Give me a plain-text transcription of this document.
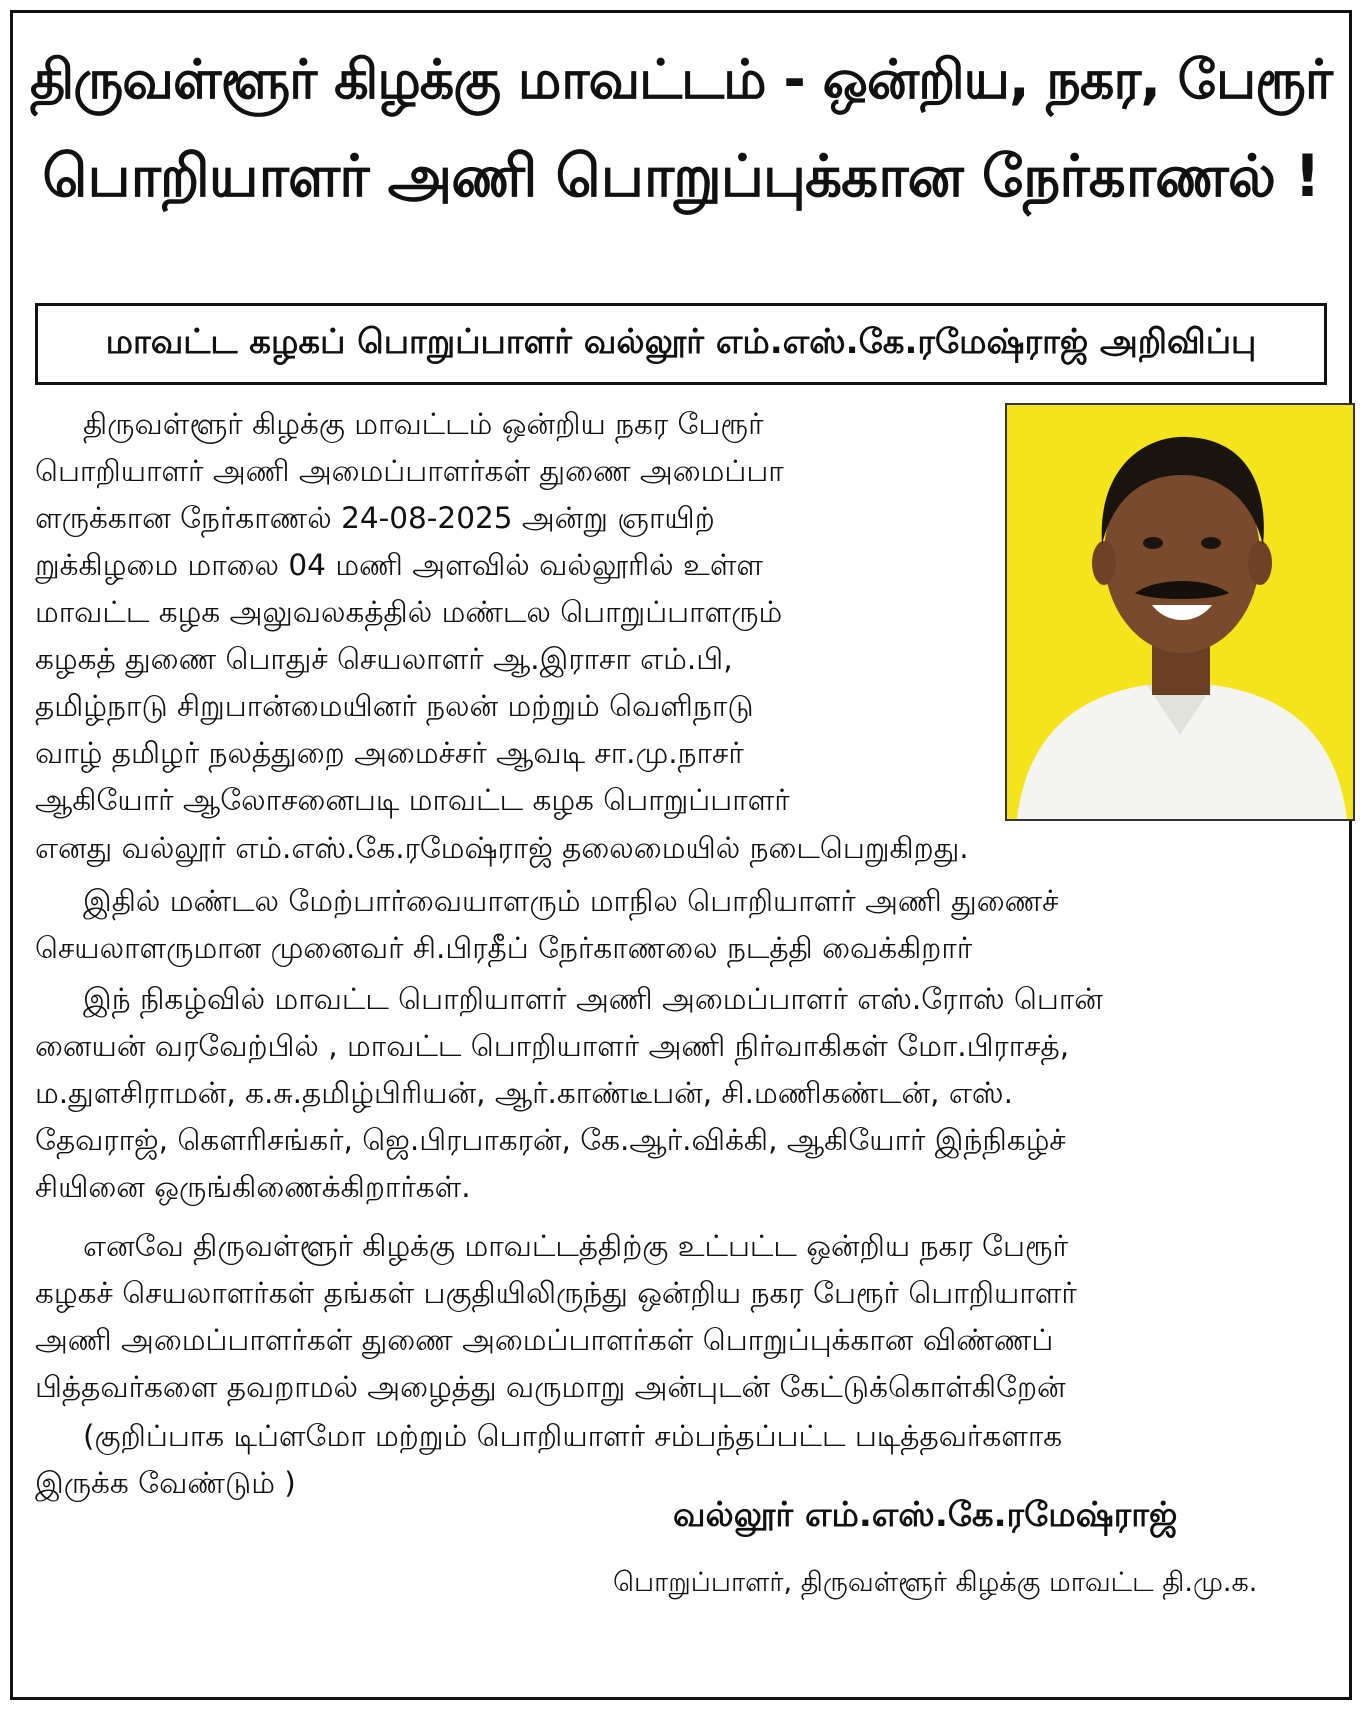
திருவள்ளூர் கிழக்கு மாவட்டம் - ஒன்றிய, நகர, பேரூர்
பொறியாளர் அணி பொறுப்புக்கான நேர்காணல் !
மாவட்ட கழகப் பொறுப்பாளர் வல்லூர் எம்.எஸ்.கே.ரமேஷ்ராஜ் அறிவிப்பு
திருவள்ளூர் கிழக்கு மாவட்டம் ஒன்றிய நகர பேரூர்
பொறியாளர் அணி அமைப்பாளர்கள் துணை அமைப்பா
ளருக்கான நேர்காணல் 24-08-2025 அன்று ஞாயிற்
றுக்கிழமை மாலை 04 மணி அளவில் வல்லூரில் உள்ள
மாவட்ட கழக அலுவலகத்தில் மண்டல பொறுப்பாளரும்
கழகத் துணை பொதுச் செயலாளர் ஆ.இராசா எம்.பி,
தமிழ்நாடு சிறுபான்மையினர் நலன் மற்றும் வெளிநாடு
வாழ் தமிழர் நலத்துறை அமைச்சர் ஆவடி சா.மு.நாசர்
ஆகியோர் ஆலோசனைபடி மாவட்ட கழக பொறுப்பாளர்
எனது வல்லூர் எம்.எஸ்.கே.ரமேஷ்ராஜ் தலைமையில் நடைபெறுகிறது.
இதில் மண்டல மேற்பார்வையாளரும் மாநில பொறியாளர் அணி துணைச்
செயலாளருமான முனைவர் சி.பிரதீப் நேர்காணலை நடத்தி வைக்கிறார்
இந் நிகழ்வில் மாவட்ட பொறியாளர் அணி அமைப்பாளர் எஸ்.ரோஸ் பொன்
னையன் வரவேற்பில் , மாவட்ட பொறியாளர் அணி நிர்வாகிகள் மோ.பிராசத்,
ம.துளசிராமன், க.சு.தமிழ்பிரியன், ஆர்.காண்டீபன், சி.மணிகண்டன், எஸ்.
தேவராஜ், கௌரிசங்கர், ஜெ.பிரபாகரன், கே.ஆர்.விக்கி, ஆகியோர் இந்நிகழ்ச்
சியினை ஒருங்கிணைக்கிறார்கள்.
எனவே திருவள்ளூர் கிழக்கு மாவட்டத்திற்கு உட்பட்ட ஒன்றிய நகர பேரூர்
கழகச் செயலாளர்கள் தங்கள் பகுதியிலிருந்து ஒன்றிய நகர பேரூர் பொறியாளர்
அணி அமைப்பாளர்கள் துணை அமைப்பாளர்கள் பொறுப்புக்கான விண்ணப்
பித்தவர்களை தவறாமல் அழைத்து வருமாறு அன்புடன் கேட்டுக்கொள்கிறேன்
(குறிப்பாக டிப்ளமோ மற்றும் பொறியாளர் சம்பந்தப்பட்ட படித்தவர்களாக
இருக்க வேண்டும் )
வல்லூர் எம்.எஸ்.கே.ரமேஷ்ராஜ்
பொறுப்பாளர், திருவள்ளூர் கிழக்கு மாவட்ட தி.மு.க.
